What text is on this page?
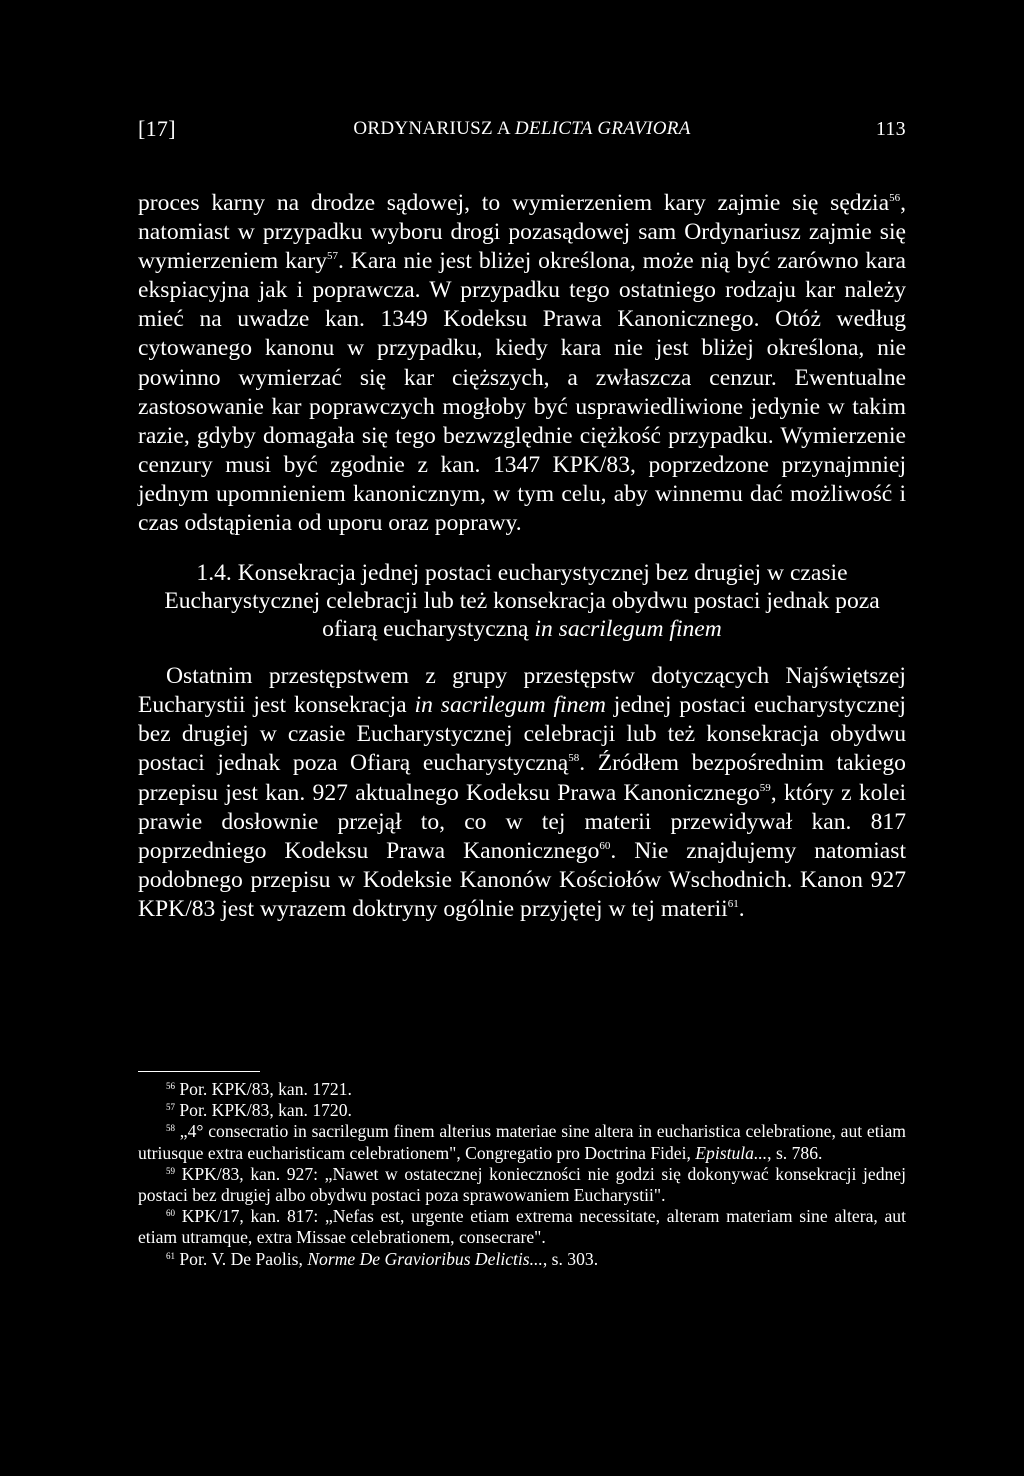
[17]	ORDYNARIUSZ A DELICTA GRAVIORA	113

proces karny na drodze sądowej, to wymierzeniem kary zajmie się sędzia$^{56}$, natomiast w przypadku wyboru drogi pozasądowej sam Ordynariusz zajmie się wymierzeniem kary$^{57}$. Kara nie jest bliżej określona, może nią być zarówno kara ekspiacyjna jak i poprawcza. W przypadku tego ostatniego rodzaju kar należy mieć na uwadze kan. 1349 Kodeksu Prawa Kanonicznego. Otóż według cytowanego kanonu w przypadku, kiedy kara nie jest bliżej określona, nie powinno wymierzać się kar cięższych, a zwłaszcza cenzur. Ewentualne zastosowanie kar poprawczych mogłoby być usprawiedliwione jedynie w takim razie, gdyby domagała się tego bezwzględnie ciężkość przypadku. Wymierzenie cenzury musi być zgodnie z kan. 1347 KPK/83, poprzedzone przynajmniej jednym upomnieniem kanonicznym, w tym celu, aby winnemu dać możliwość i czas odstąpienia od uporu oraz poprawy.

1.4. Konsekracja jednej postaci eucharystycznej bez drugiej w czasie Eucharystycznej celebracji lub też konsekracja obydwu postaci jednak poza ofiarą eucharystyczną in sacrilegum finem

Ostatnim przestępstwem z grupy przestępstw dotyczących Najświętszej Eucharystii jest konsekracja in sacrilegum finem jednej postaci eucharystycznej bez drugiej w czasie Eucharystycznej celebracji lub też konsekracja obydwu postaci jednak poza Ofiarą eucharystyczną$^{58}$. Źródłem bezpośrednim takiego przepisu jest kan. 927 aktualnego Kodeksu Prawa Kanonicznego$^{59}$, który z kolei prawie dosłownie przejął to, co w tej materii przewidywał kan. 817 poprzedniego Kodeksu Prawa Kanonicznego$^{60}$. Nie znajdujemy natomiast podobnego przepisu w Kodeksie Kanonów Kościołów Wschodnich. Kanon 927 KPK/83 jest wyrazem doktryny ogólnie przyjętej w tej materii$^{61}$.

$^{56}$ Por. KPK/83, kan. 1721.

$^{57}$ Por. KPK/83, kan. 1720.

$^{58}$ „4° consecratio in sacrilegum finem alterius materiae sine altera in eucharistica celebratione, aut etiam utriusque extra eucharisticam celebrationem", Congregatio pro Doctrina Fidei, Epistula..., s. 786.

$^{59}$ KPK/83, kan. 927: „Nawet w ostatecznej konieczności nie godzi się dokonywać konsekracji jednej postaci bez drugiej albo obydwu postaci poza sprawowaniem Eucharystii".

$^{60}$ KPK/17, kan. 817: „Nefas est, urgente etiam extrema necessitate, alteram materiam sine altera, aut etiam utramque, extra Missae celebrationem, consecrare".

$^{61}$ Por. V. De Paolis, Norme De Gravioribus Delictis..., s. 303.
